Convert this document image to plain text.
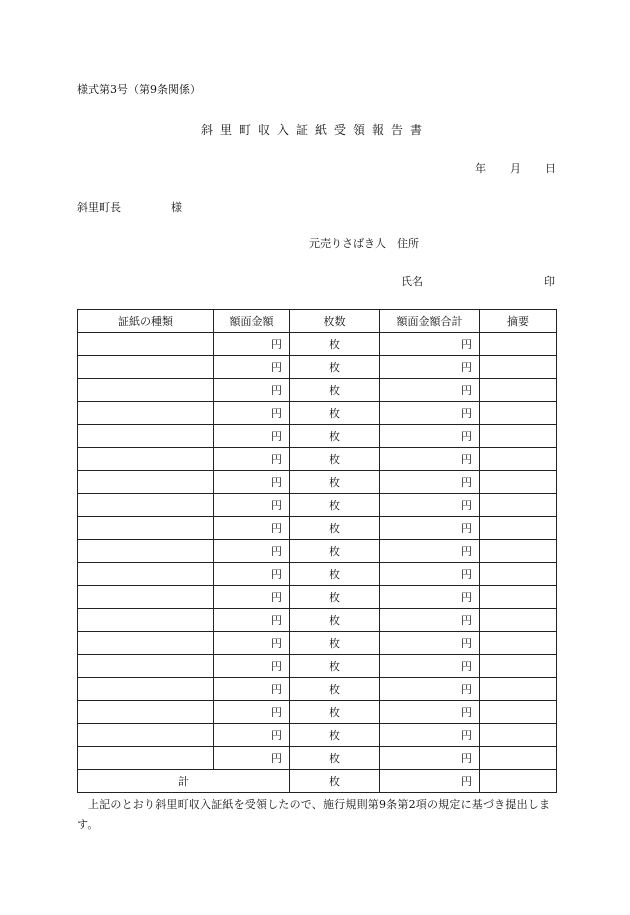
様式第3号（第9条関係）
斜里町収入証紙受領報告書
年 月 日
斜里町長	様
元売りさばき人　住所
氏名	印
証紙の種類	額面金額	枚数	額面金額合計	摘要
	円	枚	円	
	円	枚	円	
	円	枚	円	
	円	枚	円	
	円	枚	円	
	円	枚	円	
	円	枚	円	
	円	枚	円	
	円	枚	円	
	円	枚	円	
	円	枚	円	
	円	枚	円	
	円	枚	円	
	円	枚	円	
	円	枚	円	
	円	枚	円	
	円	枚	円	
	円	枚	円	
	円	枚	円	
計		枚	円	
上記のとおり斜里町収入証紙を受領したので、施行規則第9条第2項の規定に基づき提出します。
